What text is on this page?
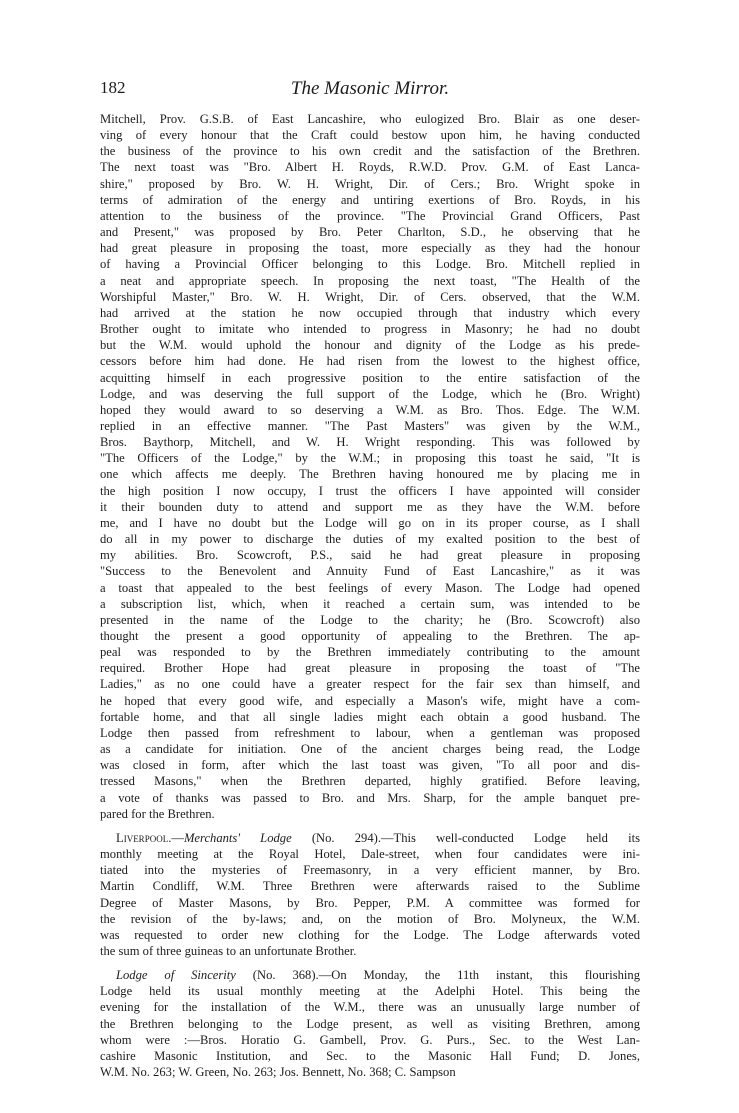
182	The Masonic Mirror.

Mitchell, Prov. G.S.B. of East Lancashire, who eulogized Bro. Blair as one deser-
ving of every honour that the Craft could bestow upon him, he having conducted
the business of the province to his own credit and the satisfaction of the Brethren.
The next toast was "Bro. Albert H. Royds, R.W.D. Prov. G.M. of East Lanca-
shire," proposed by Bro. W. H. Wright, Dir. of Cers.; Bro. Wright spoke in
terms of admiration of the energy and untiring exertions of Bro. Royds, in his
attention to the business of the province. "The Provincial Grand Officers, Past
and Present," was proposed by Bro. Peter Charlton, S.D., he observing that he
had great pleasure in proposing the toast, more especially as they had the honour
of having a Provincial Officer belonging to this Lodge. Bro. Mitchell replied in
a neat and appropriate speech. In proposing the next toast, "The Health of the
Worshipful Master," Bro. W. H. Wright, Dir. of Cers. observed, that the W.M.
had arrived at the station he now occupied through that industry which every
Brother ought to imitate who intended to progress in Masonry; he had no doubt
but the W.M. would uphold the honour and dignity of the Lodge as his prede-
cessors before him had done. He had risen from the lowest to the highest office,
acquitting himself in each progressive position to the entire satisfaction of the
Lodge, and was deserving the full support of the Lodge, which he (Bro. Wright)
hoped they would award to so deserving a W.M. as Bro. Thos. Edge. The W.M.
replied in an effective manner. "The Past Masters" was given by the W.M.,
Bros. Baythorp, Mitchell, and W. H. Wright responding. This was followed by
"The Officers of the Lodge," by the W.M.; in proposing this toast he said, "It is
one which affects me deeply. The Brethren having honoured me by placing me in
the high position I now occupy, I trust the officers I have appointed will consider
it their bounden duty to attend and support me as they have the W.M. before
me, and I have no doubt but the Lodge will go on in its proper course, as I shall
do all in my power to discharge the duties of my exalted position to the best of
my abilities. Bro. Scowcroft, P.S., said he had great pleasure in proposing
"Success to the Benevolent and Annuity Fund of East Lancashire," as it was
a toast that appealed to the best feelings of every Mason. The Lodge had opened
a subscription list, which, when it reached a certain sum, was intended to be
presented in the name of the Lodge to the charity; he (Bro. Scowcroft) also
thought the present a good opportunity of appealing to the Brethren. The ap-
peal was responded to by the Brethren immediately contributing to the amount
required. Brother Hope had great pleasure in proposing the toast of "The
Ladies," as no one could have a greater respect for the fair sex than himself, and
he hoped that every good wife, and especially a Mason's wife, might have a com-
fortable home, and that all single ladies might each obtain a good husband. The
Lodge then passed from refreshment to labour, when a gentleman was proposed
as a candidate for initiation. One of the ancient charges being read, the Lodge
was closed in form, after which the last toast was given, "To all poor and dis-
tressed Masons," when the Brethren departed, highly gratified. Before leaving,
a vote of thanks was passed to Bro. and Mrs. Sharp, for the ample banquet pre-
pared for the Brethren.

Liverpool.—Merchants' Lodge (No. 294).—This well-conducted Lodge held its
monthly meeting at the Royal Hotel, Dale-street, when four candidates were ini-
tiated into the mysteries of Freemasonry, in a very efficient manner, by Bro.
Martin Condliff, W.M. Three Brethren were afterwards raised to the Sublime
Degree of Master Masons, by Bro. Pepper, P.M. A committee was formed for
the revision of the by-laws; and, on the motion of Bro. Molyneux, the W.M.
was requested to order new clothing for the Lodge. The Lodge afterwards voted
the sum of three guineas to an unfortunate Brother.

Lodge of Sincerity (No. 368).—On Monday, the 11th instant, this flourishing
Lodge held its usual monthly meeting at the Adelphi Hotel. This being the
evening for the installation of the W.M., there was an unusually large number of
the Brethren belonging to the Lodge present, as well as visiting Brethren, among
whom were :—Bros. Horatio G. Gambell, Prov. G. Purs., Sec. to the West Lan-
cashire Masonic Institution, and Sec. to the Masonic Hall Fund; D. Jones,
W.M. No. 263; W. Green, No. 263; Jos. Bennett, No. 368; C. Sampson
